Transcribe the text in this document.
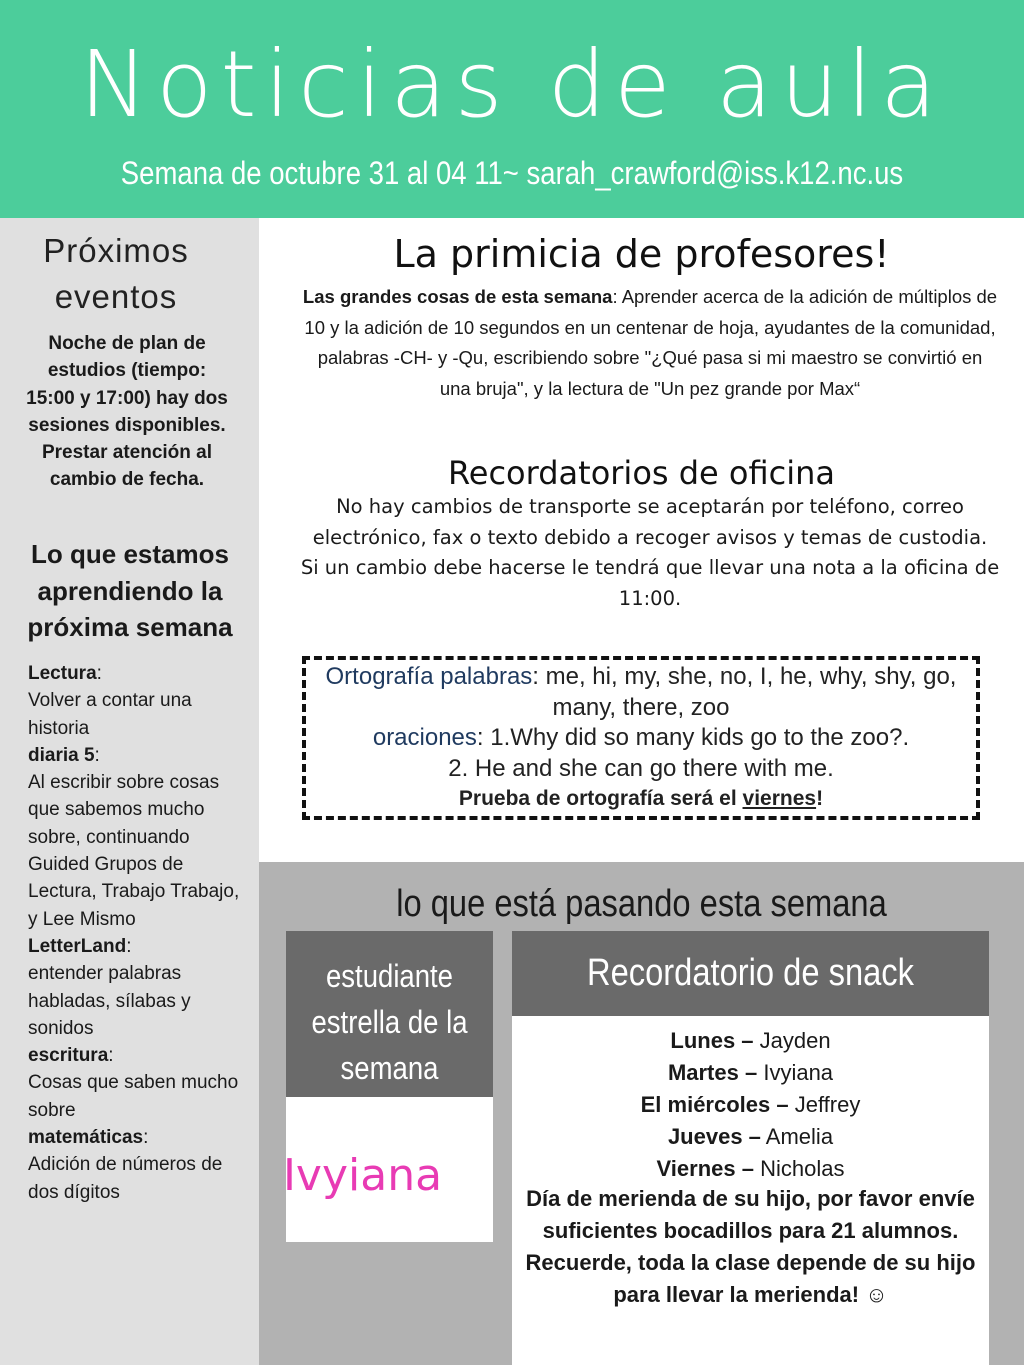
Noticias de aula
Semana de octubre 31 al 04 11~ sarah_crawford@iss.k12.nc.us
Próximos eventos
Noche de plan de estudios (tiempo: 15:00 y 17:00) hay dos sesiones disponibles. Prestar atención al cambio de fecha.
Lo que estamos aprendiendo la próxima semana
Lectura:
Volver a contar una historia
diaria 5:
Al escribir sobre cosas que sabemos mucho sobre, continuando Guided Grupos de Lectura, Trabajo Trabajo, y Lee Mismo
LetterLand:
entender palabras habladas, sílabas y sonidos
escritura:
Cosas que saben mucho sobre
matemáticas:
Adición de números de dos dígitos
La primicia de profesores!
Las grandes cosas de esta semana: Aprender acerca de la adición de múltiplos de 10 y la adición de 10 segundos en un centenar de hoja, ayudantes de la comunidad, palabras -CH- y -Qu, escribiendo sobre "¿Qué pasa si mi maestro se convirtió en una bruja", y la lectura de "Un pez grande por Max“
Recordatorios de oficina
No hay cambios de transporte se aceptarán por teléfono, correo electrónico, fax o texto debido a recoger avisos y temas de custodia.
Si un cambio debe hacerse le tendrá que llevar una nota a la oficina de 11:00.
Ortografía palabras: me, hi, my, she, no, I, he, why, shy, go, many, there, zoo
oraciones: 1.Why did so many kids go to the zoo?.
2. He and she can go there with me.
Prueba de ortografía será el viernes!
lo que está pasando esta semana
estudiante estrella de la semana
Ivyiana
Recordatorio de snack
Lunes – Jayden
Martes – Ivyiana
El miércoles – Jeffrey
Jueves – Amelia
Viernes – Nicholas
Día de merienda de su hijo, por favor envíe suficientes bocadillos para 21 alumnos. Recuerde, toda la clase depende de su hijo para llevar la merienda! ☺
